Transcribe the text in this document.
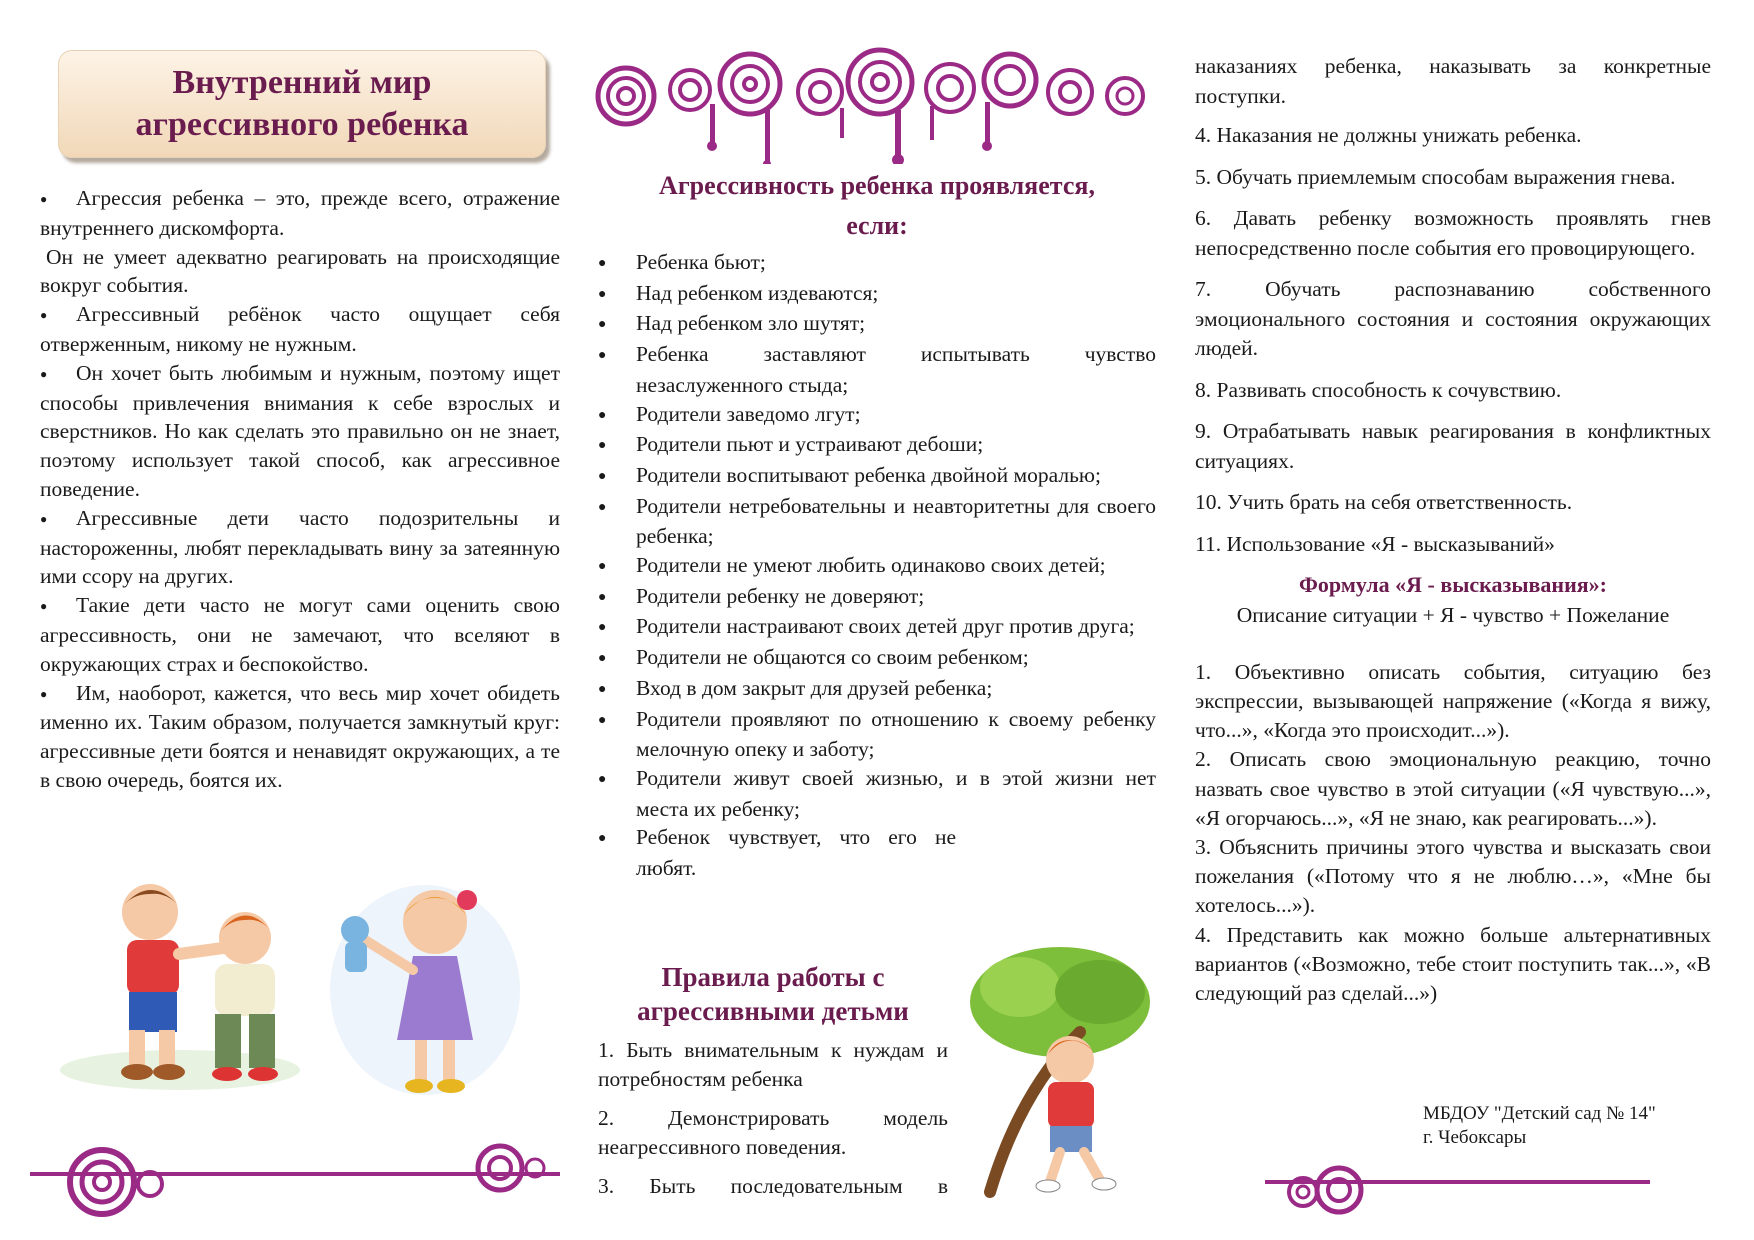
Внутренний мир
агрессивного ребенка

● Агрессия ребенка – это, прежде всего, отражение внутреннего дискомфорта.

Он не умеет адекватно реагировать на происходящие вокруг события.

● Агрессивный ребёнок часто ощущает себя отверженным, никому не нужным.

● Он хочет быть любимым и нужным, поэтому ищет способы привлечения внимания к себе взрослых и сверстников. Но как сделать это правильно он не знает, поэтому использует такой способ, как агрессивное поведение.

● Агрессивные дети часто подозрительны и настороженны, любят перекладывать вину за затеянную ими ссору на других.

● Такие дети часто не могут сами оценить свою агрессивность, они не замечают, что вселяют в окружающих страх и беспокойство.

● Им, наоборот, кажется, что весь мир хочет обидеть именно их. Таким образом, получается замкнутый круг: агрессивные дети боятся и ненавидят окружающих, а те в свою очередь, боятся их.

Агрессивность ребенка проявляется,
если:

● Ребенка бьют;

● Над ребенком издеваются;

● Над ребенком зло шутят;

● Ребенка заставляют испытывать чувство незаслуженного стыда;

● Родители заведомо лгут;

● Родители пьют и устраивают дебоши;

● Родители воспитывают ребенка двойной моралью;

● Родители нетребовательны и неавторитетны для своего ребенка;

● Родители не умеют любить одинаково своих детей;

● Родители ребенку не доверяют;

● Родители настраивают своих детей друг против друга;

● Родители не общаются со своим ребенком;

● Вход в дом закрыт для друзей ребенка;

● Родители проявляют по отношению к своему ребенку мелочную опеку и заботу;

● Родители живут своей жизнью, и в этой жизни нет места их ребенку;

● Ребенок чувствует, что его не любят.

Правила работы с
агрессивными детьми

1. Быть внимательным к нуждам и потребностям ребенка

2. Демонстрировать модель неагрессивного поведения.

3. Быть последовательным в

наказаниях ребенка, наказывать за конкретные поступки.

4. Наказания не должны унижать ребенка.

5. Обучать приемлемым способам выражения гнева.

6. Давать ребенку возможность проявлять гнев непосредственно после события его провоцирующего.

7. Обучать распознаванию собственного эмоционального состояния и состояния окружающих людей.

8. Развивать способность к сочувствию.

9. Отрабатывать навык реагирования в конфликтных ситуациях.

10. Учить брать на себя ответственность.

11. Использование «Я - высказываний»

Формула «Я - высказывания»:

Описание ситуации + Я - чувство + Пожелание

1. Объективно описать события, ситуацию без экспрессии, вызывающей напряжение («Когда я вижу, что...», «Когда это происходит...»).

2. Описать свою эмоциональную реакцию, точно назвать свое чувство в этой ситуации («Я чувствую...», «Я огорчаюсь...», «Я не знаю, как реагировать...»).

3. Объяснить причины этого чувства и высказать свои пожелания («Потому что я не люблю…», «Мне бы хотелось...»).

4. Представить как можно больше альтернативных вариантов («Возможно, тебе стоит поступить так...», «В следующий раз сделай...»)

МБДОУ "Детский сад № 14"
г. Чебоксары
